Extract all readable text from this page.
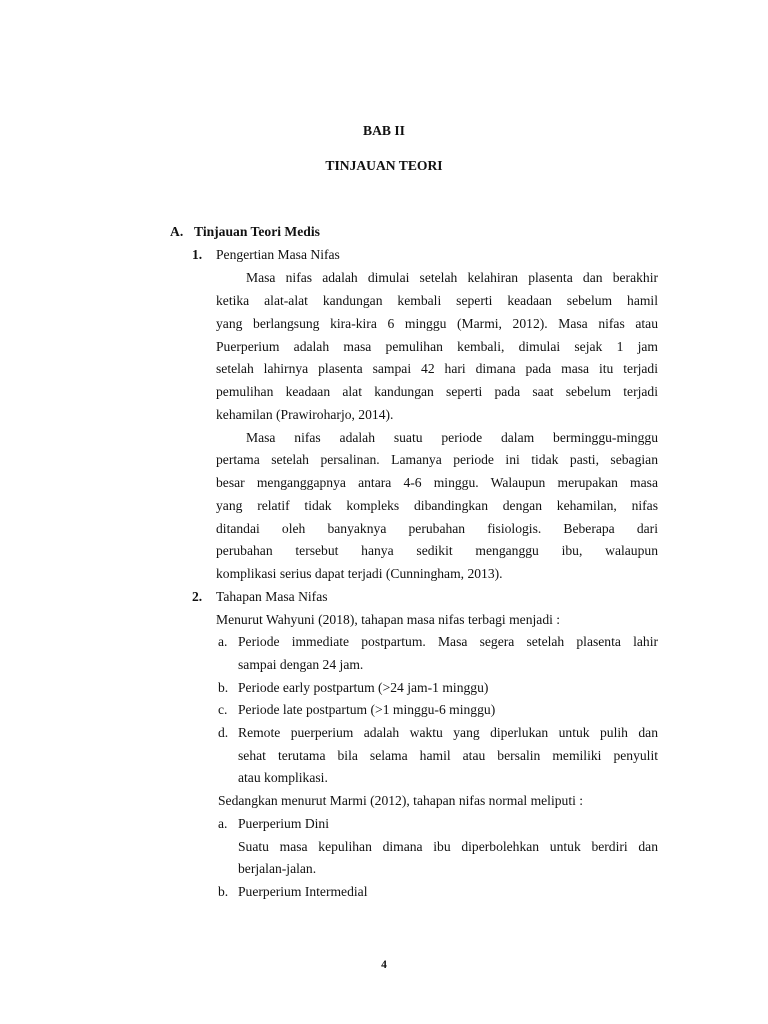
BAB II
TINJAUAN TEORI
A. Tinjauan Teori Medis
1. Pengertian Masa Nifas
Masa nifas adalah dimulai setelah kelahiran plasenta dan berakhir
ketika alat-alat kandungan kembali seperti keadaan sebelum hamil
yang berlangsung kira-kira 6 minggu (Marmi, 2012). Masa nifas atau
Puerperium adalah masa pemulihan kembali, dimulai sejak 1 jam
setelah lahirnya plasenta sampai 42 hari dimana pada masa itu terjadi
pemulihan keadaan alat kandungan seperti pada saat sebelum terjadi
kehamilan (Prawiroharjo, 2014).
Masa nifas adalah suatu periode dalam berminggu-minggu
pertama setelah persalinan. Lamanya periode ini tidak pasti, sebagian
besar menganggapnya antara 4-6 minggu. Walaupun merupakan masa
yang relatif tidak kompleks dibandingkan dengan kehamilan, nifas
ditandai oleh banyaknya perubahan fisiologis. Beberapa dari
perubahan tersebut hanya sedikit menganggu ibu, walaupun
komplikasi serius dapat terjadi (Cunningham, 2013).
2. Tahapan Masa Nifas
Menurut Wahyuni (2018), tahapan masa nifas terbagi menjadi :
a. Periode immediate postpartum. Masa segera setelah plasenta lahir
sampai dengan 24 jam.
b. Periode early postpartum (>24 jam-1 minggu)
c. Periode late postpartum (>1 minggu-6 minggu)
d. Remote puerperium adalah waktu yang diperlukan untuk pulih dan
sehat terutama bila selama hamil atau bersalin memiliki penyulit
atau komplikasi.
Sedangkan menurut Marmi (2012), tahapan nifas normal meliputi :
a. Puerperium Dini
Suatu masa kepulihan dimana ibu diperbolehkan untuk berdiri dan
berjalan-jalan.
b. Puerperium Intermedial
4
